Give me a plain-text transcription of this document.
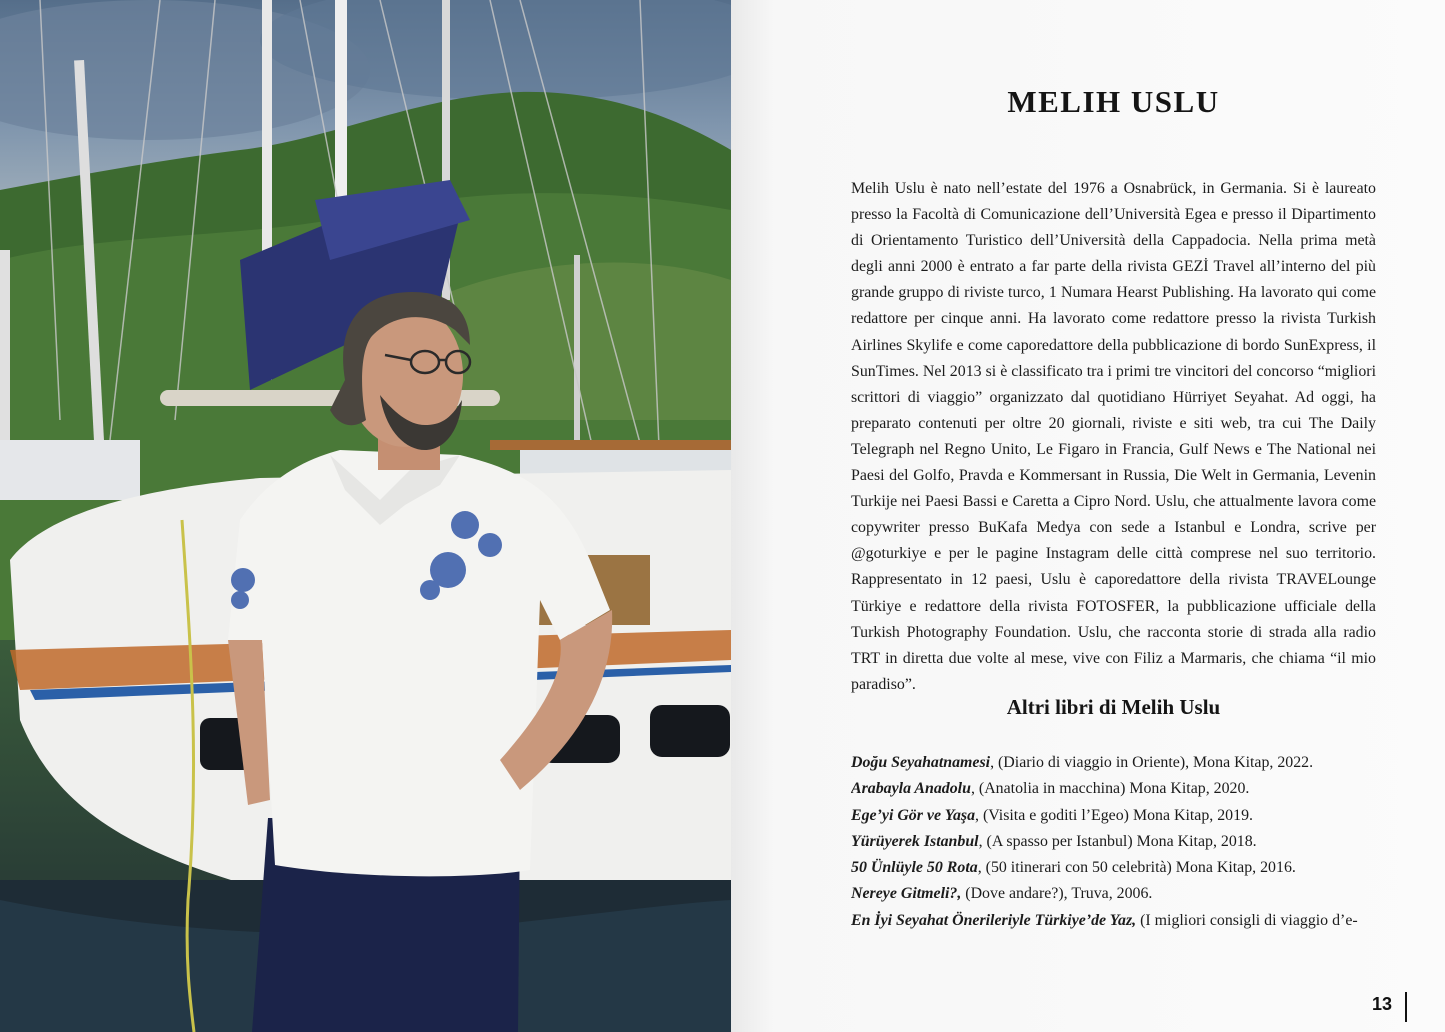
MELIH USLU

Melih Uslu è nato nell’estate del 1976 a Osnabrück, in Germania. Si è laureato presso la Facoltà di Comunicazione dell’Università Egea e presso il Dipartimento di Orientamento Turistico dell’Università della Cappadocia. Nella prima metà degli anni 2000 è entrato a far parte della rivista GEZİ Travel all’interno del più grande gruppo di riviste turco, 1 Numara Hearst Publishing. Ha lavorato qui come redattore per cinque anni. Ha lavorato come redattore presso la rivista Turkish Airlines Skylife e come caporedattore della pubblicazione di bordo SunExpress, il SunTimes. Nel 2013 si è classificato tra i primi tre vincitori del concorso “migliori scrittori di viaggio” organizzato dal quotidiano Hürriyet Seyahat. Ad oggi, ha preparato contenuti per oltre 20 giornali, riviste e siti web, tra cui The Daily Telegraph nel Regno Unito, Le Figaro in Francia, Gulf News e The National nei Paesi del Golfo, Pravda e Kommersant in Russia, Die Welt in Germania, Levenin Turkije nei Paesi Bassi e Caretta a Cipro Nord. Uslu, che attualmente lavora come copywriter presso BuKafa Medya con sede a Istanbul e Londra, scrive per @goturkiye e per le pagine Instagram delle città comprese nel suo territorio. Rappresentato in 12 paesi, Uslu è caporedattore della rivista TRAVELounge Türkiye e redattore della rivista FOTOSFER, la pubblicazione ufficiale della Turkish Photography Foundation. Uslu, che racconta storie di strada alla radio TRT in diretta due volte al mese, vive con Filiz a Marmaris, che chiama “il mio paradiso”.

Altri libri di Melih Uslu
Doğu Seyahatnamesi, (Diario di viaggio in Oriente), Mona Kitap, 2022.
Arabayla Anadolu, (Anatolia in macchina) Mona Kitap, 2020.
Ege’yi Gör ve Yaşa, (Visita e goditi l’Egeo) Mona Kitap, 2019.
Yürüyerek Istanbul, (A spasso per Istanbul) Mona Kitap, 2018.
50 Ünlüyle 50 Rota, (50 itinerari con 50 celebrità) Mona Kitap, 2016.
Nereye Gitmeli?, (Dove andare?), Truva, 2006.
En İyi Seyahat Önerileriyle Türkiye’de Yaz, (I migliori consigli di viaggio d’e-
13
